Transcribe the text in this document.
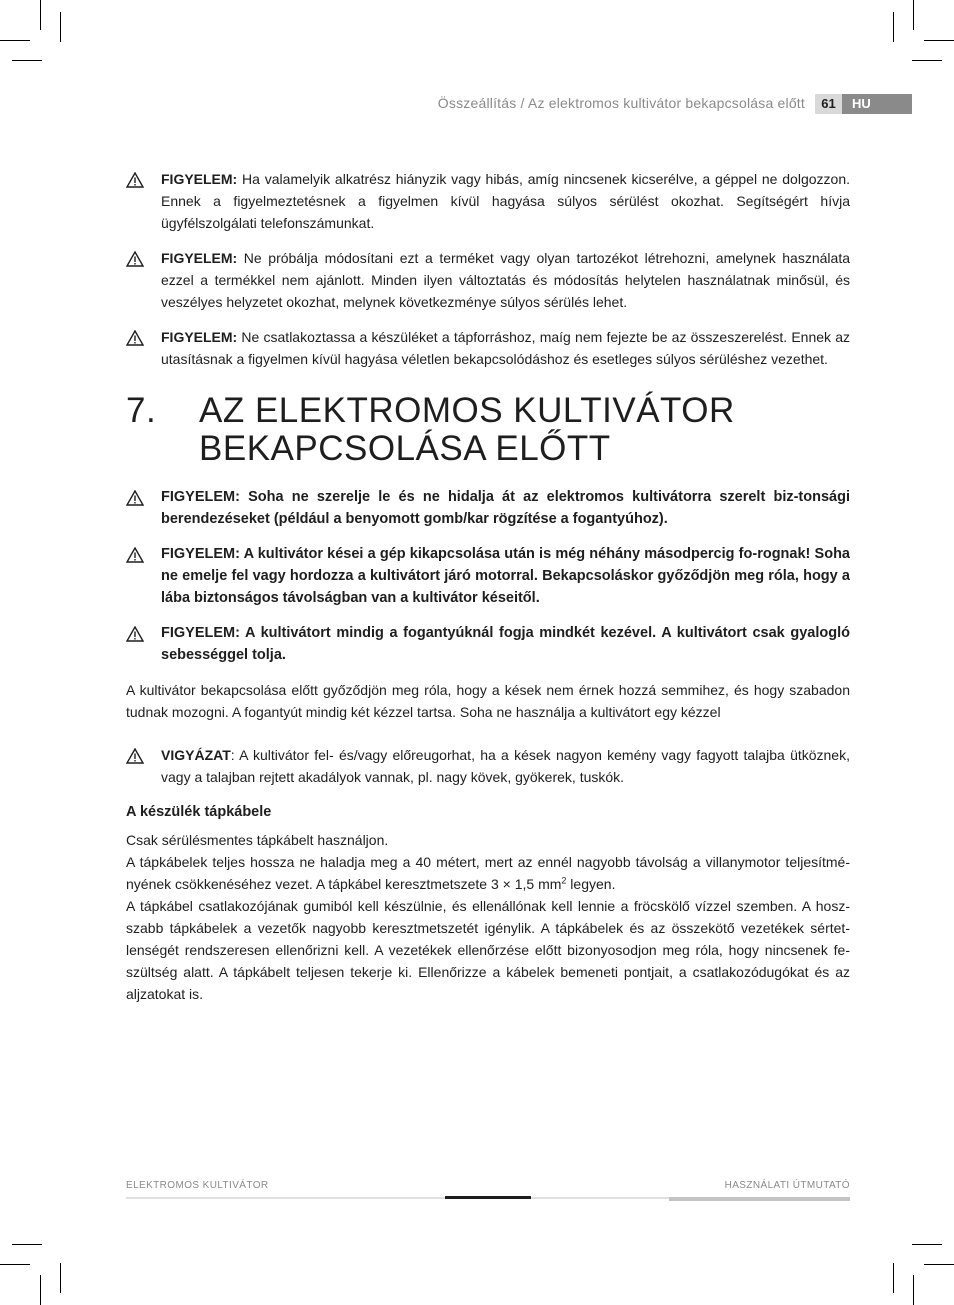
Összeállítás / Az elektromos kultivátor bekapcsolása előtt	61	HU
FIGYELEM: Ha valamelyik alkatrész hiányzik vagy hibás, amíg nincsenek kicserélve, a géppel ne dolgozzon. Ennek a figyelmeztetésnek a figyelmen kívül hagyása súlyos sérülést okozhat. Segítségért hívja ügyfélszolgálati telefonszámunkat.
FIGYELEM: Ne próbálja módosítani ezt a terméket vagy olyan tartozékot létrehozni, amelynek használata ezzel a termékkel nem ajánlott. Minden ilyen változtatás és módosítás helytelen használatnak minősül, és veszélyes helyzetet okozhat, melynek következménye súlyos sérülés lehet.
FIGYELEM: Ne csatlakoztassa a készüléket a tápforráshoz, maíg nem fejezte be az összeszerelést. Ennek az utasításnak a figyelmen kívül hagyása véletlen bekapcsolódáshoz és esetleges súlyos sérüléshez vezethet.
7.	AZ ELEKTROMOS KULTIVÁTOR
BEKAPCSOLÁSA ELŐTT
FIGYELEM: Soha ne szerelje le és ne hidalja át az elektromos kultivátorra szerelt biz-tonsági berendezéseket (például a benyomott gomb/kar rögzítése a fogantyúhoz).
FIGYELEM: A kultivátor kései a gép kikapcsolása után is még néhány másodpercig fo-rognak! Soha ne emelje fel vagy hordozza a kultivátort járó motorral. Bekapcsoláskor győződjön meg róla, hogy a lába biztonságos távolságban van a kultivátor késeitől.
FIGYELEM: A kultivátort mindig a fogantyúknál fogja mindkét kezével. A kultivátort csak gyalogló sebességgel tolja.
A kultivátor bekapcsolása előtt győződjön meg róla, hogy a kések nem érnek hozzá semmihez, és hogy szabadon tudnak mozogni. A fogantyút mindig két kézzel tartsa. Soha ne használja a kultivátort egy kézzel
VIGYÁZAT: A kultivátor fel- és/vagy előreugorhat, ha a kések nagyon kemény vagy fagyott talajba ütköznek, vagy a talajban rejtett akadályok vannak, pl. nagy kövek, gyökerek, tuskók.
A készülék tápkábele
Csak sérülésmentes tápkábelt használjon.
A tápkábelek teljes hossza ne haladja meg a 40 métert, mert az ennél nagyobb távolság a villanymotor teljesítmé-nyének csökkenéséhez vezet. A tápkábel keresztmetszete 3 × 1,5 $mm^2$ legyen.
A tápkábel csatlakozójának gumiból kell készülnie, és ellenállónak kell lennie a fröcskölő vízzel szemben. A hosz-szabb tápkábelek a vezetők nagyobb keresztmetszetét igénylik. A tápkábelek és az összekötő vezetékek sértet-lenségét rendszeresen ellenőrizni kell. A vezetékek ellenőrzése előtt bizonyosodjon meg róla, hogy nincsenek fe-szültség alatt. A tápkábelt teljesen tekerje ki. Ellenőrizze a kábelek bemeneti pontjait, a csatlakozódugókat és az aljzatokat is.
ELEKTROMOS KULTIVÁTOR	HASZNÁLATI ÚTMUTATÓ
